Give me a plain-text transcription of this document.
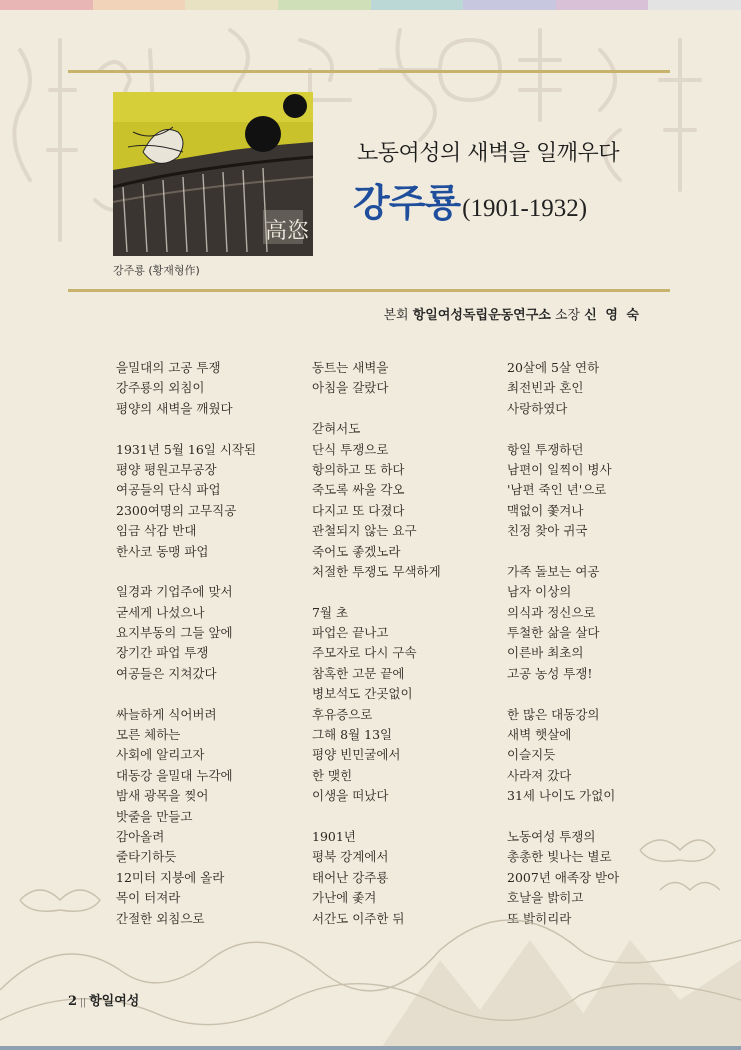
高恣
강주룡 (황재형作)
노동여성의 새벽을 일깨우다
강주룡(1901-1932)
본회 항일여성독립운동연구소 소장 신 영 숙
을밀대의 고공 투쟁
강주룡의 외침이
평양의 새벽을 깨웠다
1931년 5월 16일 시작된
평양 평원고무공장
여공들의 단식 파업
2300여명의 고무직공
임금 삭감 반대
한사코 동맹 파업
일경과 기업주에 맞서
굳세게 나섰으나
요지부동의 그들 앞에
장기간 파업 투쟁
여공들은 지쳐갔다
싸늘하게 식어버려
모른 체하는
사회에 알리고자
대동강 을밀대 누각에
밤새 광목을 찢어
밧줄을 만들고
감아올려
줄타기하듯
12미터 지붕에 올라
목이 터져라
간절한 외침으로
동트는 새벽을
아침을 갈랐다
갇혀서도
단식 투쟁으로
항의하고 또 하다
죽도록 싸울 각오
다지고 또 다졌다
관철되지 않는 요구
죽어도 좋겠노라
처절한 투쟁도 무색하게
7월 초
파업은 끝나고
주모자로 다시 구속
참혹한 고문 끝에
병보석도 간곳없이
후유증으로
그해 8월 13일
평양 빈민굴에서
한 맺힌
이생을 떠났다
1901년
평북 강계에서
태어난 강주룡
가난에 좇겨
서간도 이주한 뒤
20살에 5살 연하
최전빈과 혼인
사랑하였다
항일 투쟁하던
남편이 일찍이 병사
'남편 죽인 년'으로
맥없이 쫓겨나
친정 찾아 귀국
가족 돌보는 여공
남자 이상의
의식과 정신으로
투철한 삶을 살다
이른바 최초의
고공 농성 투쟁!
한 많은 대동강의
새벽 햇살에
이슬지듯
사라져 갔다
31세 나이도 가없이
노동여성 투쟁의
총총한 빛나는 별로
2007년 애족장 받아
호날을 밝히고
또 밝히리라
2 || 항일여성
